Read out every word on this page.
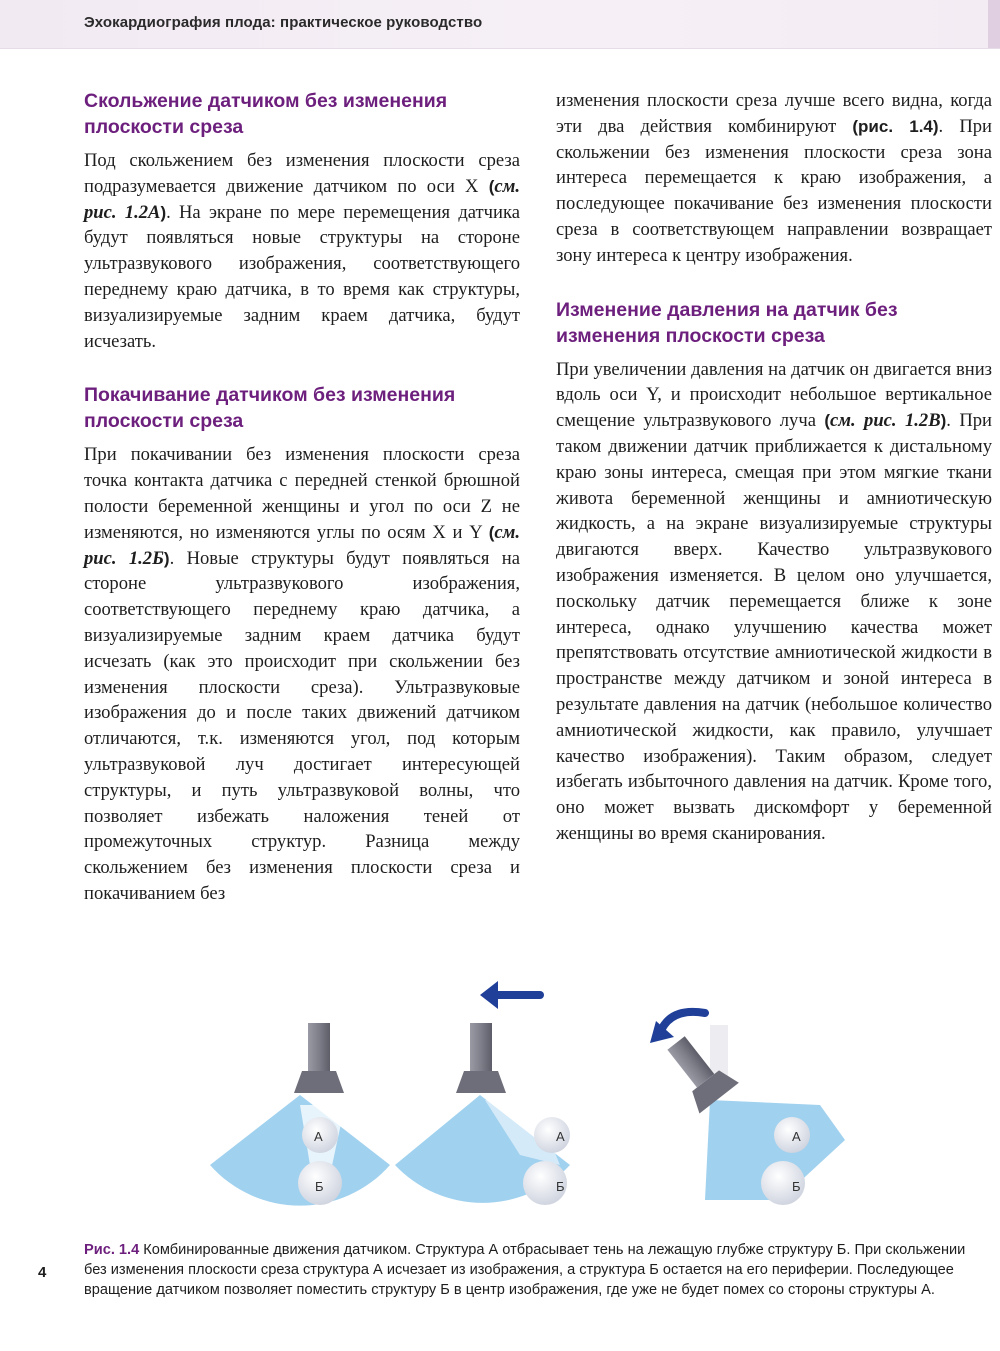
Эхокардиография плода: практическое руководство
Скольжение датчиком без изменения плоскости среза

Под скольжением без изменения плоскости среза подразумевается движение датчиком по оси X (см. рис. 1.2А). На экране по мере перемещения датчика будут появляться новые структуры на стороне ультразвукового изображения, соответствующего переднему краю датчика, в то время как структуры, визуализируемые задним краем датчика, будут исчезать.

Покачивание датчиком без изменения плоскости среза

При покачивании без изменения плоскости среза точка контакта датчика с передней стенкой брюшной полости беременной женщины и угол по оси Z не изменяются, но изменяются углы по осям X и Y (см. рис. 1.2Б). Новые структуры будут появляться на стороне ультразвукового изображения, соответствующего переднему краю датчика, а визуализируемые задним краем датчика будут исчезать (как это происходит при скольжении без изменения плоскости среза). Ультразвуковые изображения до и после таких движений датчиком отличаются, т.к. изменяются угол, под которым ультразвуковой луч достигает интересующей структуры, и путь ультразвуковой волны, что позволяет избежать наложения теней от промежуточных структур. Разница между скольжением без изменения плоскости среза и покачиванием без

изменения плоскости среза лучше всего видна, когда эти два действия комбинируют (рис. 1.4). При скольжении без изменения плоскости среза зона интереса перемещается к краю изображения, а последующее покачивание без изменения плоскости среза в соответствующем направлении возвращает зону интереса к центру изображения.

Изменение давления на датчик без изменения плоскости среза

При увеличении давления на датчик он двигается вниз вдоль оси Y, и происходит небольшое вертикальное смещение ультразвукового луча (см. рис. 1.2В). При таком движении датчик приближается к дистальному краю зоны интереса, смещая при этом мягкие ткани живота беременной женщины и амниотическую жидкость, а на экране визуализируемые структуры двигаются вверх. Качество ультразвукового изображения изменяется. В целом оно улучшается, поскольку датчик перемещается ближе к зоне интереса, однако улучшению качества может препятствовать отсутствие амниотической жидкости в пространстве между датчиком и зоной интереса в результате давления на датчик (небольшое количество амниотической жидкости, как правило, улучшает качество изображения). Таким образом, следует избегать избыточного давления на датчик. Кроме того, оно может вызвать дискомфорт у беременной женщины во время сканирования.

А
Б
А
Б
А
Б
4
Рис. 1.4 Комбинированные движения датчиком. Структура А отбрасывает тень на лежащую глубже структуру Б. При скольжении без изменения плоскости среза структура А исчезает из изображения, а структура Б остается на его периферии. Последующее вращение датчиком позволяет поместить структуру Б в центр изображения, где уже не будет помех со стороны структуры А.
